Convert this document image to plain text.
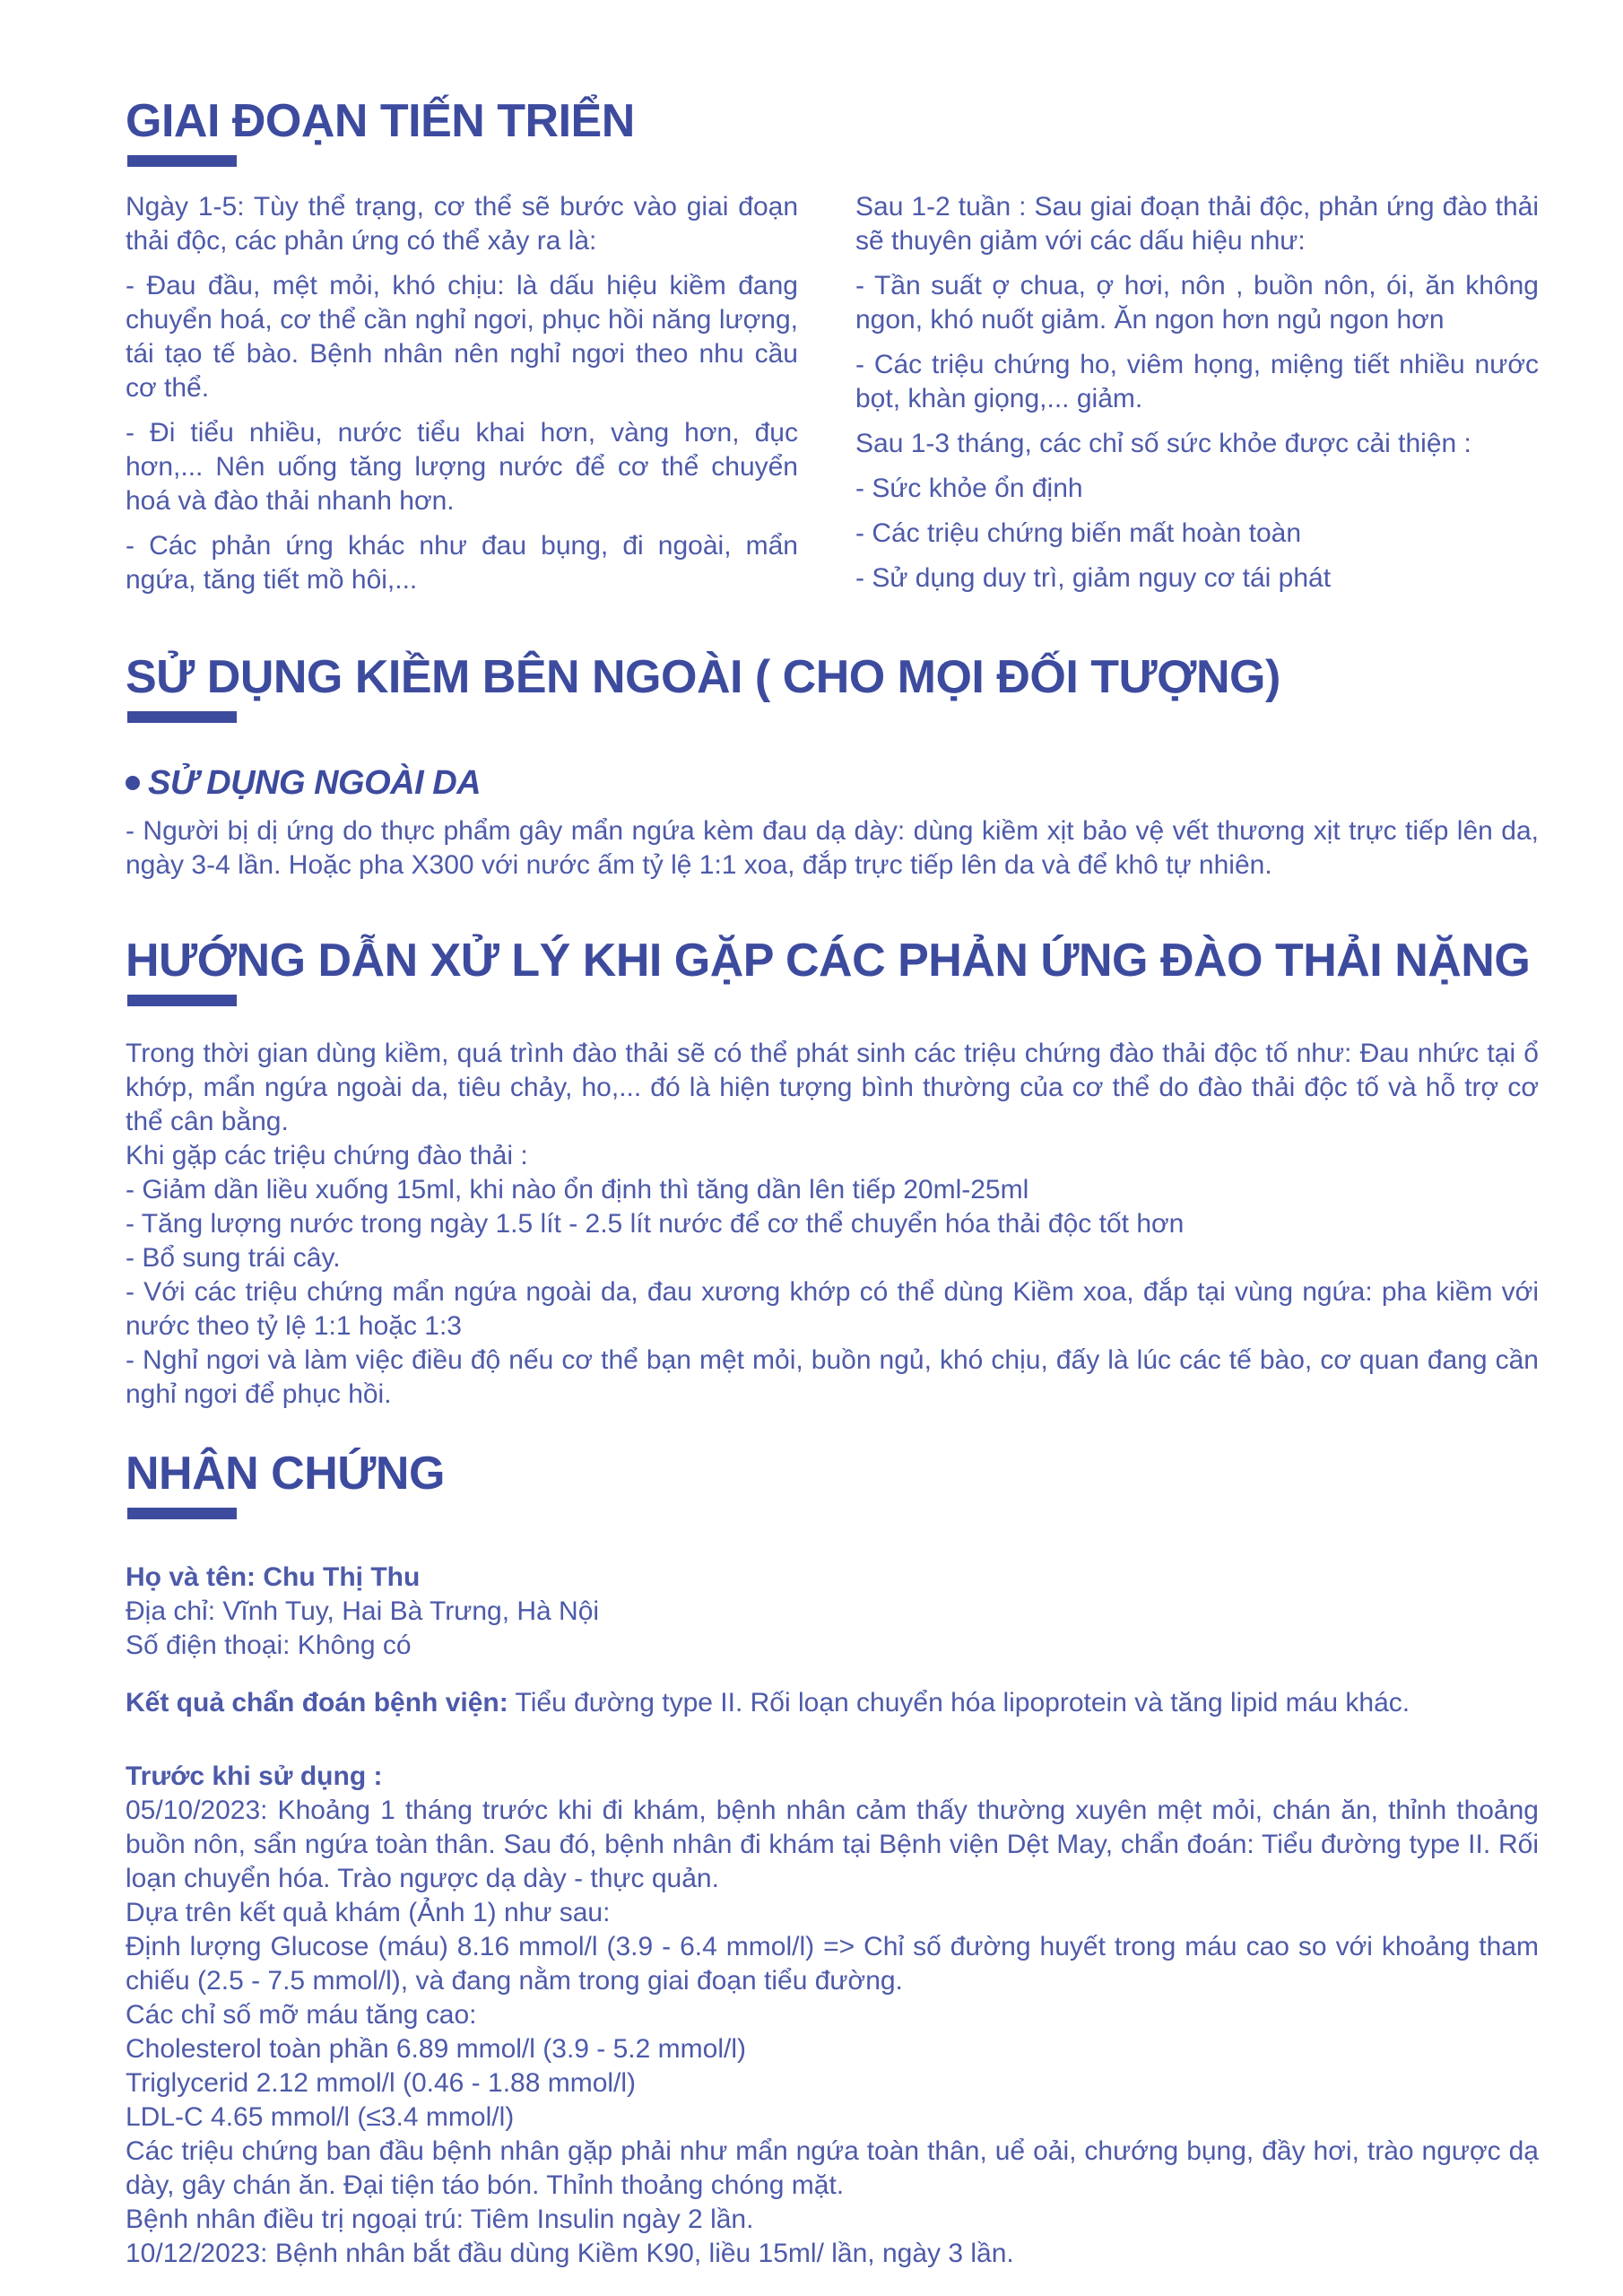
GIAI ĐOẠN TIẾN TRIỂN

Ngày 1-5: Tùy thể trạng, cơ thể sẽ bước vào giai đoạn thải độc, các phản ứng có thể xảy ra là:

- Đau đầu, mệt mỏi, khó chịu: là dấu hiệu kiềm đang chuyển hoá, cơ thể cần nghỉ ngơi, phục hồi năng lượng, tái tạo tế bào. Bệnh nhân nên nghỉ ngơi theo nhu cầu cơ thể.

- Đi tiểu nhiều, nước tiểu khai hơn, vàng hơn, đục hơn,... Nên uống tăng lượng nước để cơ thể chuyển hoá và đào thải nhanh hơn.

- Các phản ứng khác như đau bụng, đi ngoài, mẩn ngứa, tăng tiết mồ hôi,...

Sau 1-2 tuần : Sau giai đoạn thải độc, phản ứng đào thải sẽ thuyên giảm với các dấu hiệu như:

- Tần suất ợ chua, ợ hơi, nôn , buồn nôn, ói, ăn không ngon, khó nuốt giảm. Ăn ngon hơn ngủ ngon hơn

- Các triệu chứng ho, viêm họng, miệng tiết nhiều nước bọt, khàn giọng,... giảm.

Sau 1-3 tháng, các chỉ số sức khỏe được cải thiện :

- Sức khỏe ổn định

- Các triệu chứng biến mất hoàn toàn

- Sử dụng duy trì, giảm nguy cơ tái phát

SỬ DỤNG KIỀM BÊN NGOÀI ( CHO MỌI ĐỐI TƯỢNG)
SỬ DỤNG NGOÀI DA

- Người bị dị ứng do thực phẩm gây mẩn ngứa kèm đau dạ dày: dùng kiềm xịt bảo vệ vết thương xịt trực tiếp lên da, ngày 3-4 lần. Hoặc pha X300 với nước ấm tỷ lệ 1:1 xoa, đắp trực tiếp lên da và để khô tự nhiên.

HƯỚNG DẪN XỬ LÝ KHI GẶP CÁC PHẢN ỨNG ĐÀO THẢI NẶNG

Trong thời gian dùng kiềm, quá trình đào thải sẽ có thể phát sinh các triệu chứng đào thải độc tố như: Đau nhức tại ổ khớp, mẩn ngứa ngoài da, tiêu chảy, ho,... đó là hiện tượng bình thường của cơ thể do đào thải độc tố và hỗ trợ cơ thể cân bằng.

Khi gặp các triệu chứng đào thải :

- Giảm dần liều xuống 15ml, khi nào ổn định thì tăng dần lên tiếp 20ml-25ml

- Tăng lượng nước trong ngày 1.5 lít - 2.5 lít nước để cơ thể chuyển hóa thải độc tốt hơn

- Bổ sung trái cây.

- Với các triệu chứng mẩn ngứa ngoài da, đau xương khớp có thể dùng Kiềm xoa, đắp tại vùng ngứa: pha kiềm với nước theo tỷ lệ 1:1 hoặc 1:3

- Nghỉ ngơi và làm việc điều độ nếu cơ thể bạn mệt mỏi, buồn ngủ, khó chịu, đấy là lúc các tế bào, cơ quan đang cần nghỉ ngơi để phục hồi.

NHÂN CHỨNG

Họ và tên: Chu Thị Thu

Địa chỉ: Vĩnh Tuy, Hai Bà Trưng, Hà Nội

Số điện thoại: Không có

Kết quả chẩn đoán bệnh viện: Tiểu đường type II. Rối loạn chuyển hóa lipoprotein và tăng lipid máu khác.

Trước khi sử dụng :

05/10/2023: Khoảng 1 tháng trước khi đi khám, bệnh nhân cảm thấy thường xuyên mệt mỏi, chán ăn, thỉnh thoảng buồn nôn, sẩn ngứa toàn thân. Sau đó, bệnh nhân đi khám tại Bệnh viện Dệt May, chẩn đoán: Tiểu đường type II. Rối loạn chuyển hóa. Trào ngược dạ dày - thực quản.

Dựa trên kết quả khám (Ảnh 1) như sau:

Định lượng Glucose (máu) 8.16 mmol/l (3.9 - 6.4 mmol/l) => Chỉ số đường huyết trong máu cao so với khoảng tham chiếu (2.5 - 7.5 mmol/l), và đang nằm trong giai đoạn tiểu đường.

Các chỉ số mỡ máu tăng cao:

Cholesterol toàn phần 6.89 mmol/l (3.9 - 5.2 mmol/l)

Triglycerid 2.12 mmol/l (0.46 - 1.88 mmol/l)

LDL-C 4.65 mmol/l (≤3.4 mmol/l)

Các triệu chứng ban đầu bệnh nhân gặp phải như mẩn ngứa toàn thân, uể oải, chướng bụng, đầy hơi, trào ngược dạ dày, gây chán ăn. Đại tiện táo bón. Thỉnh thoảng chóng mặt.

Bệnh nhân điều trị ngoại trú: Tiêm Insulin ngày 2 lần.

10/12/2023: Bệnh nhân bắt đầu dùng Kiềm K90, liều 15ml/ lần, ngày 3 lần.
